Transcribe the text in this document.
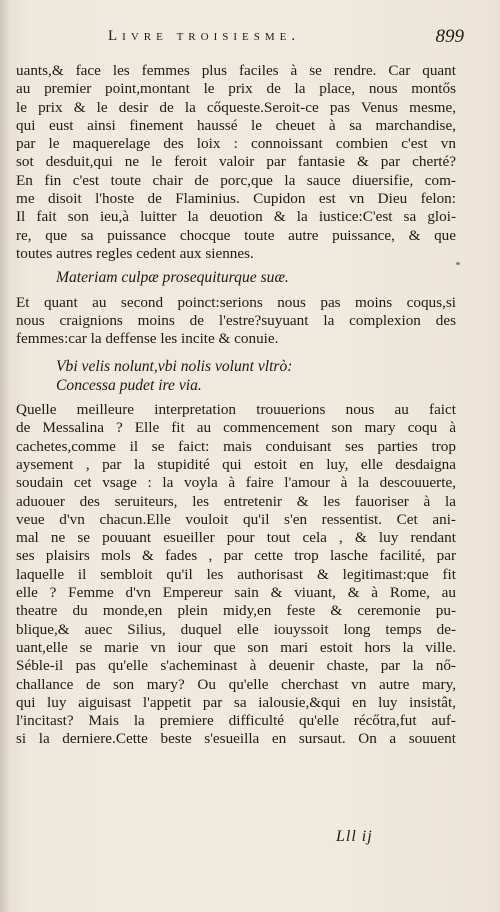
Livre troisiesme.	899
uants,& face les femmes plus faciles à se rendre. Car quant
au premier point,montant le prix de la place, nous montős
le prix & le desir de la cőqueste.Seroit-ce pas Venus mesme,
qui eust ainsi finement haussé le cheuet à sa marchandise,
par le maquerelage des loix : connoissant combien c'est vn
sot desduit,qui ne le feroit valoir par fantasie & par cherté?
En fin c'est toute chair de porc,que la sauce diuersifie, com-
me disoit l'hoste de Flaminius. Cupidon est vn Dieu felon:
Il fait son ieu,à luitter la deuotion & la iustice:C'est sa gloi-
re, que sa puissance chocque toute autre puissance, & que
toutes autres regles cedent aux siennes.
Materiam culpæ prosequiturque suæ.
Et quant au second poinct:serions nous pas moins coqus,si
nous craignions moins de l'estre?suyuant la complexion des
femmes:car la deffense les incite & conuie.
Vbi velis nolunt,vbi nolis volunt vltrò:
Concessa pudet ire via.
Quelle meilleure interpretation trouuerions nous au faict
de Messalina ? Elle fit au commencement son mary coqu à
cachetes,comme il se faict: mais conduisant ses parties trop
aysement , par la stupidité qui estoit en luy, elle desdaigna
soudain cet vsage : la voyla à faire l'amour à la descouuerte,
aduouer des seruiteurs, les entretenir & les fauoriser à la
veue d'vn chacun.Elle vouloit qu'il s'en ressentist. Cet ani-
mal ne se pouuant esueiller pour tout cela , & luy rendant
ses plaisirs mols & fades , par cette trop lasche facilité, par
laquelle il sembloit qu'il les authorisast & legitimast:que fit
elle ? Femme d'vn Empereur sain & viuant, & à Rome, au
theatre du monde,en plein midy,en feste & ceremonie pu-
blique,& auec Silius, duquel elle iouyssoit long temps de-
uant,elle se marie vn iour que son mari estoit hors la ville.
Séble-il pas qu'elle s'acheminast à deuenir chaste, par la nő-
challance de son mary? Ou qu'elle cherchast vn autre mary,
qui luy aiguisast l'appetit par sa ialousie,&qui en luy insistât,
l'incitast? Mais la premiere difficulté qu'elle récőtra,fut auf-
si la derniere.Cette beste s'esueilla en sursaut. On a souuent
Lll ij
